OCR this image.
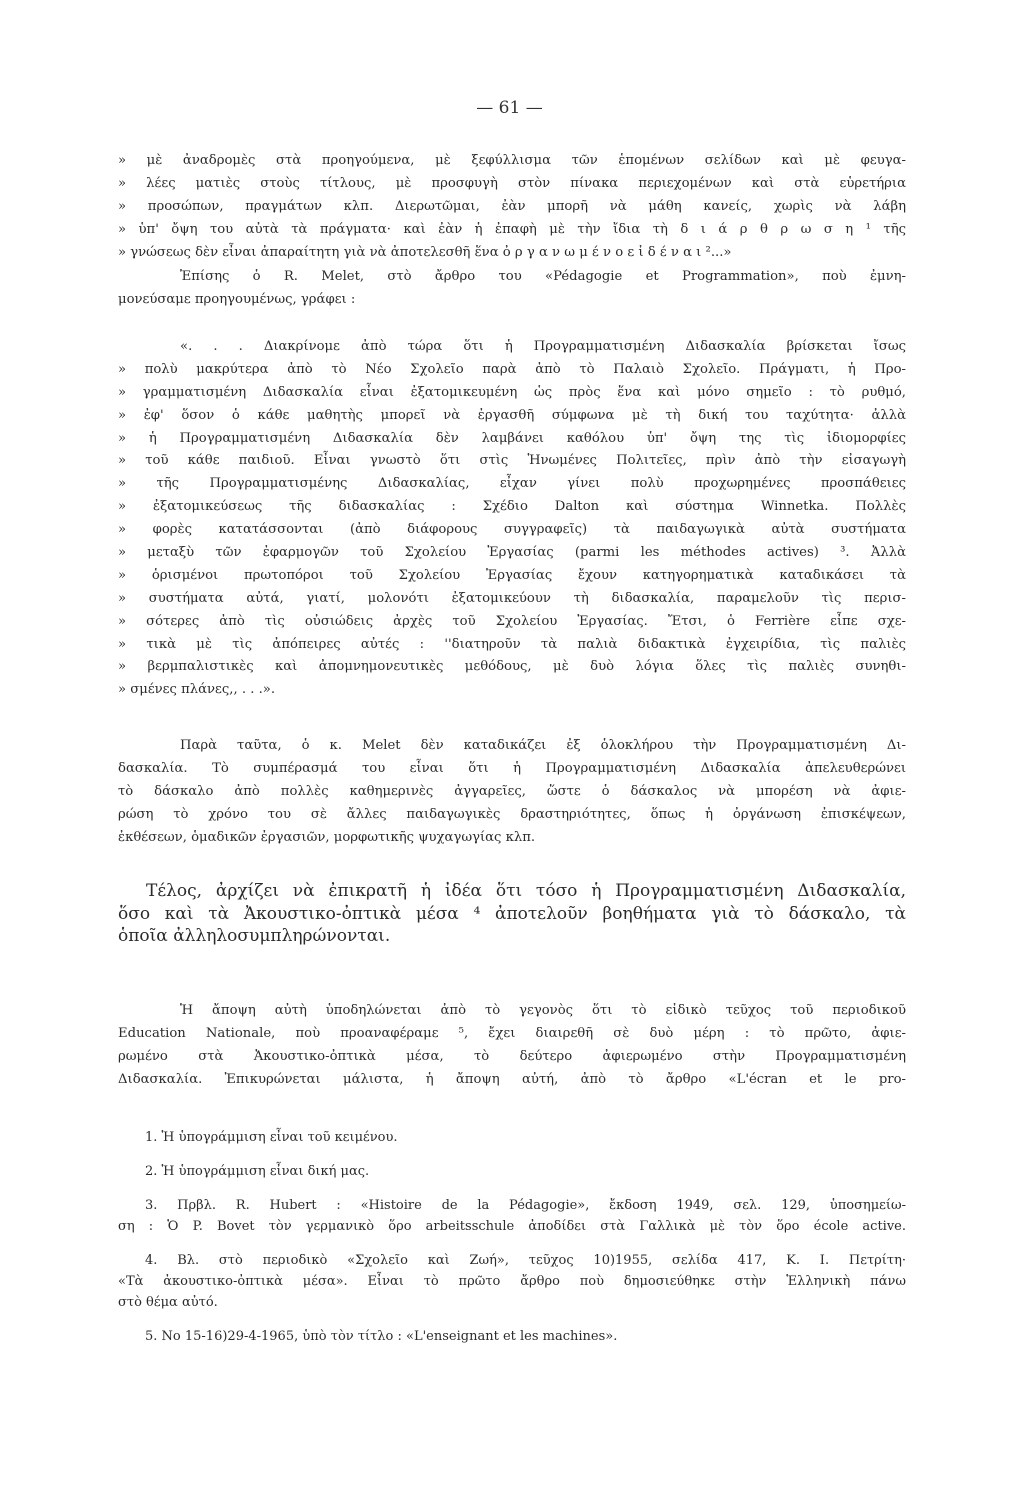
— 61 —
» μὲ ἀναδρομὲς στὰ προηγούμενα, μὲ ξεφύλλισμα τῶν ἑπομένων σελίδων καὶ μὲ φευγα-
» λέες ματιὲς στοὺς τίτλους, μὲ προσφυγὴ στὸν πίνακα περιεχομένων καὶ στὰ εὑρετήρια
» προσώπων, πραγμάτων κλπ. Διερωτῶμαι, ἐὰν μπορῆ νὰ μάθη κανείς, χωρὶς νὰ λάβη
» ὑπ' ὄψη του αὐτὰ τὰ πράγματα· καὶ ἐὰν ἡ ἐπαφὴ μὲ τὴν ἴδια τὴ δ ι ά ρ θ ρ ω σ η ¹ τῆς
» γνώσεως δὲν εἶναι ἀπαραίτητη γιὰ νὰ ἀποτελεσθῆ ἕνα ὀ ρ γ α ν ω μ έ ν ο ε ἰ δ έ ν α ι ²...»
Ἐπίσης ὁ R. Melet, στὸ ἄρθρο του «Pédagogie et Programmation», ποὺ ἐμνη-
μονεύσαμε προηγουμένως, γράφει :
«. . . Διακρίνομε ἀπὸ τώρα ὅτι ἡ Προγραμματισμένη Διδασκαλία βρίσκεται ἴσως
» πολὺ μακρύτερα ἀπὸ τὸ Νέο Σχολεῖο παρὰ ἀπὸ τὸ Παλαιὸ Σχολεῖο. Πράγματι, ἡ Προ-
» γραμματισμένη Διδασκαλία εἶναι ἐξατομικευμένη ὡς πρὸς ἕνα καὶ μόνο σημεῖο : τὸ ρυθμό,
» ἐφ' ὅσον ὁ κάθε μαθητὴς μπορεῖ νὰ ἐργασθῆ σύμφωνα μὲ τὴ δική του ταχύτητα· ἀλλὰ
» ἡ Προγραμματισμένη Διδασκαλία δὲν λαμβάνει καθόλου ὑπ' ὄψη της τὶς ἰδιομορφίες
» τοῦ κάθε παιδιοῦ. Εἶναι γνωστὸ ὅτι στὶς Ἡνωμένες Πολιτεῖες, πρὶν ἀπὸ τὴν εἰσαγωγὴ
» τῆς Προγραμματισμένης Διδασκαλίας, εἶχαν γίνει πολὺ προχωρημένες προσπάθειες
» ἐξατομικεύσεως τῆς διδασκαλίας : Σχέδιο Dalton καὶ σύστημα Winnetka. Πολλὲς
» φορὲς κατατάσσονται (ἀπὸ διάφορους συγγραφεῖς) τὰ παιδαγωγικὰ αὐτὰ συστήματα
» μεταξὺ τῶν ἐφαρμογῶν τοῦ Σχολείου Ἐργασίας (parmi les méthodes actives) ³. Ἀλλὰ
» ὁρισμένοι πρωτοπόροι τοῦ Σχολείου Ἐργασίας ἔχουν κατηγορηματικὰ καταδικάσει τὰ
» συστήματα αὐτά, γιατί, μολονότι ἐξατομικεύουν τὴ διδασκαλία, παραμελοῦν τὶς περισ-
» σότερες ἀπὸ τὶς οὐσιώδεις ἀρχὲς τοῦ Σχολείου Ἐργασίας. Ἔτσι, ὁ Ferrière εἶπε σχε-
» τικὰ μὲ τὶς ἀπόπειρες αὐτές : ''διατηροῦν τὰ παλιὰ διδακτικὰ ἐγχειρίδια, τὶς παλιὲς
» βερμπαλιστικὲς καὶ ἀπομνημονευτικὲς μεθόδους, μὲ δυὸ λόγια ὅλες τὶς παλιὲς συνηθι-
» σμένες πλάνες,, . . .».
Παρὰ ταῦτα, ὁ κ. Melet δὲν καταδικάζει ἐξ ὁλοκλήρου τὴν Προγραμματισμένη Δι-
δασκαλία. Τὸ συμπέρασμά του εἶναι ὅτι ἡ Προγραμματισμένη Διδασκαλία ἀπελευθερώνει
τὸ δάσκαλο ἀπὸ πολλὲς καθημερινὲς ἀγγαρεῖες, ὥστε ὁ δάσκαλος νὰ μπορέση νὰ ἀφιε-
ρώση τὸ χρόνο του σὲ ἄλλες παιδαγωγικὲς δραστηριότητες, ὅπως ἡ ὀργάνωση ἐπισκέψεων,
ἐκθέσεων, ὁμαδικῶν ἐργασιῶν, μορφωτικῆς ψυχαγωγίας κλπ.
Τέλος, ἀρχίζει νὰ ἐπικρατῆ ἡ ἰδέα ὅτι τόσο ἡ Προγραμματισμένη Διδασκαλία,
ὅσο καὶ τὰ Ἀκουστικο-ὀπτικὰ μέσα ⁴ ἀποτελοῦν βοηθήματα γιὰ τὸ δάσκαλο, τὰ
ὁποῖα ἀλληλοσυμπληρώνονται.
Ἡ ἄποψη αὐτὴ ὑποδηλώνεται ἀπὸ τὸ γεγονὸς ὅτι τὸ εἰδικὸ τεῦχος τοῦ περιοδικοῦ
Education Nationale, ποὺ προαναφέραμε ⁵, ἔχει διαιρεθῆ σὲ δυὸ μέρη : τὸ πρῶτο, ἀφιε-
ρωμένο στὰ Ἀκουστικο-ὀπτικὰ μέσα, τὸ δεύτερο ἀφιερωμένο στὴν Προγραμματισμένη
Διδασκαλία. Ἐπικυρώνεται μάλιστα, ἡ ἄποψη αὐτή, ἀπὸ τὸ ἄρθρο «L'écran et le pro-
1. Ἡ ὑπογράμμιση εἶναι τοῦ κειμένου.
2. Ἡ ὑπογράμμιση εἶναι δική μας.
3. Πρβλ. R. Hubert : «Histoire de la Pédagogie», ἔκδοση 1949, σελ. 129, ὑποσημείω-
ση : Ὁ P. Bovet τὸν γερμανικὸ ὅρο arbeitsschule ἀποδίδει στὰ Γαλλικὰ μὲ τὸν ὅρο école active.
4. Βλ. στὸ περιοδικὸ «Σχολεῖο καὶ Ζωή», τεῦχος 10)1955, σελίδα 417, Κ. Ι. Πετρίτη·
«Τὰ ἀκουστικο-ὀπτικὰ μέσα». Εἶναι τὸ πρῶτο ἄρθρο ποὺ δημοσιεύθηκε στὴν Ἑλληνικὴ πάνω
στὸ θέμα αὐτό.
5. Νο 15-16)29-4-1965, ὑπὸ τὸν τίτλο : «L'enseignant et les machines».
